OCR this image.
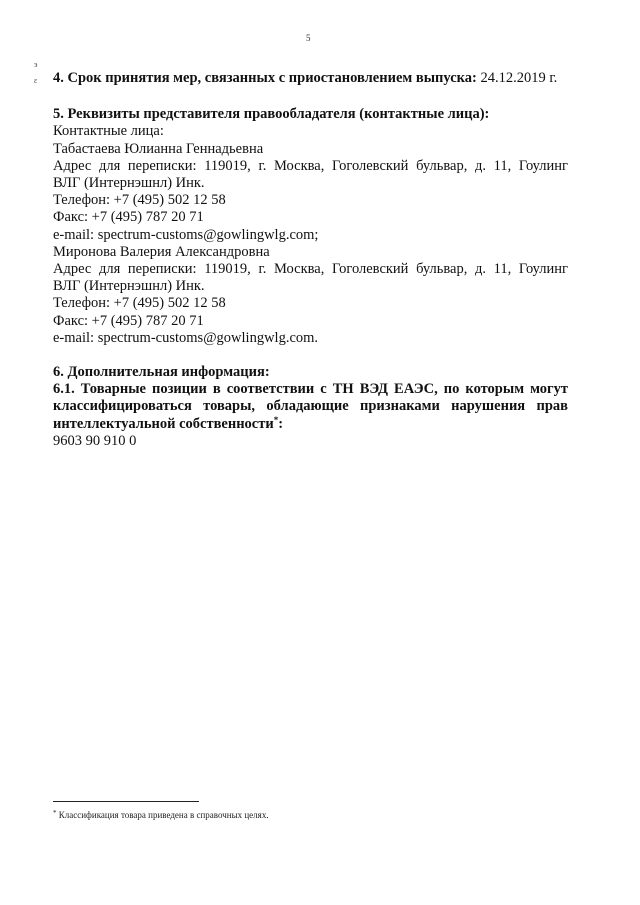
5
э
ε 4. Срок принятия мер, связанных с приостановлением выпуска: 24.12.2019 г.
5. Реквизиты представителя правообладателя (контактные лица):
Контактные лица:
Табастаева Юлианна Геннадьевна
Адрес для переписки: 119019, г. Москва, Гоголевский бульвар, д. 11, Гоулинг
ВЛГ (Интернэшнл) Инк.
Телефон: +7 (495) 502 12 58
Факс: +7 (495) 787 20 71
e-mail: spectrum-customs@gowlingwlg.com;
Миронова Валерия Александровна
Адрес для переписки: 119019, г. Москва, Гоголевский бульвар, д. 11, Гоулинг
ВЛГ (Интернэшнл) Инк.
Телефон: +7 (495) 502 12 58
Факс: +7 (495) 787 20 71
e-mail: spectrum-customs@gowlingwlg.com.
6. Дополнительная информация:
6.1. Товарные позиции в соответствии с ТН ВЭД ЕАЭС, по которым могут
классифицироваться товары, обладающие признаками нарушения прав
интеллектуальной собственности*:
9603 90 910 0
* Классификация товара приведена в справочных целях.
